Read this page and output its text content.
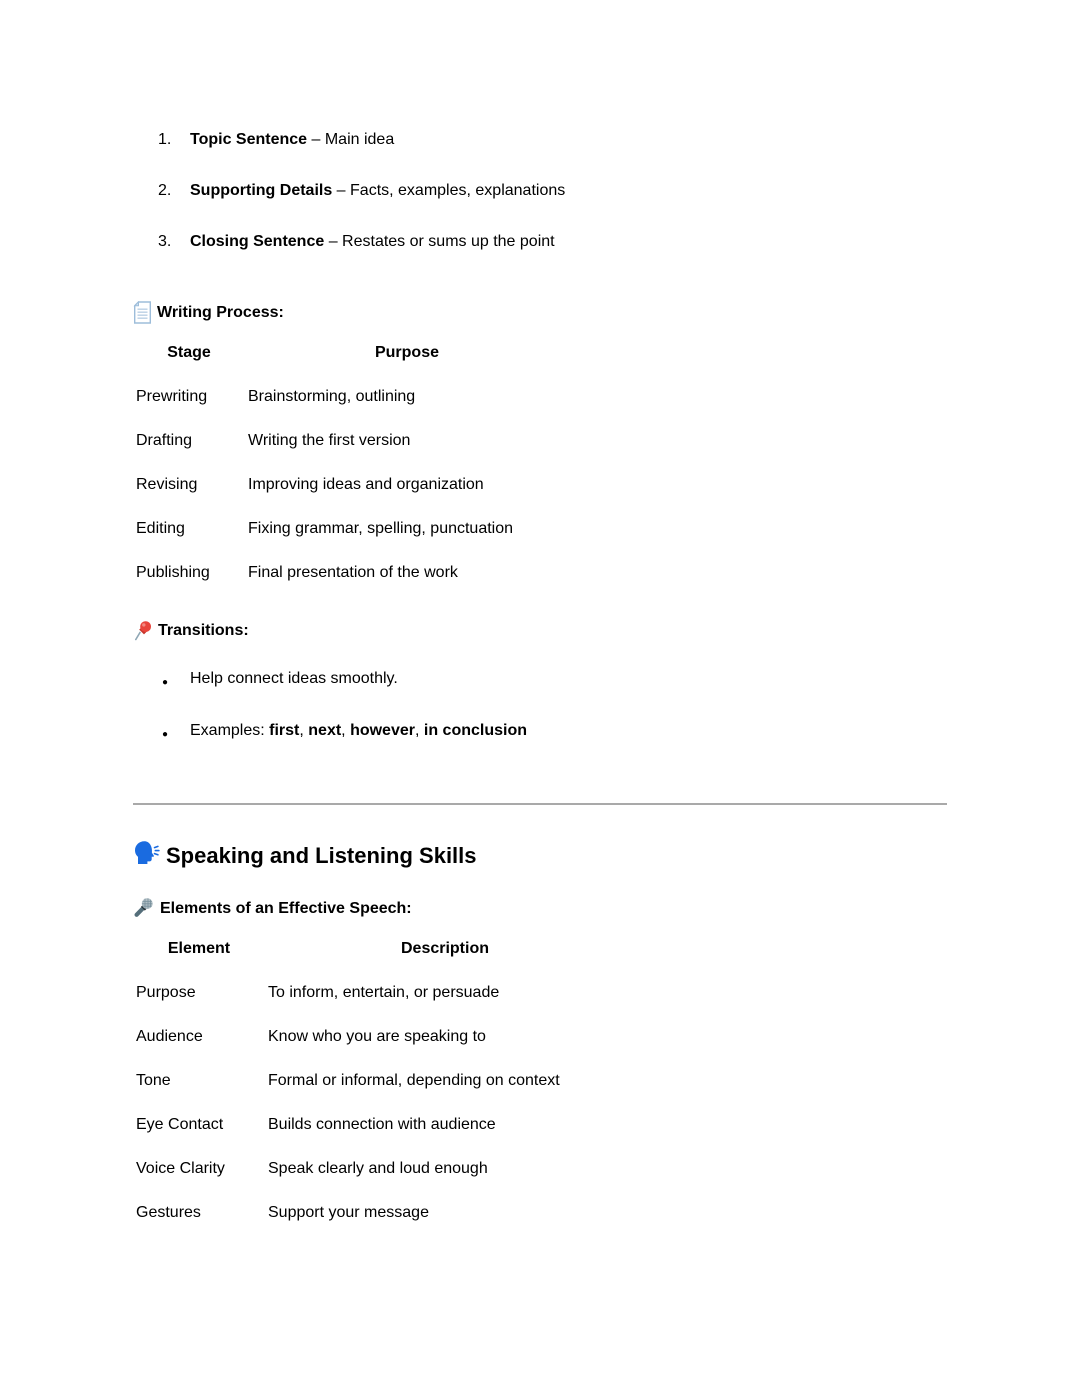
1.	Topic Sentence – Main idea
2.	Supporting Details – Facts, examples, explanations
3.	Closing Sentence – Restates or sums up the point
Writing Process:
Stage	Purpose
Prewriting	Brainstorming, outlining
Drafting	Writing the first version
Revising	Improving ideas and organization
Editing	Fixing grammar, spelling, punctuation
Publishing	Final presentation of the work
Transitions:
● Help connect ideas smoothly.
● Examples: first, next, however, in conclusion
Speaking and Listening Skills
Elements of an Effective Speech:
Element	Description
Purpose	To inform, entertain, or persuade
Audience	Know who you are speaking to
Tone	Formal or informal, depending on context
Eye Contact	Builds connection with audience
Voice Clarity	Speak clearly and loud enough
Gestures	Support your message
